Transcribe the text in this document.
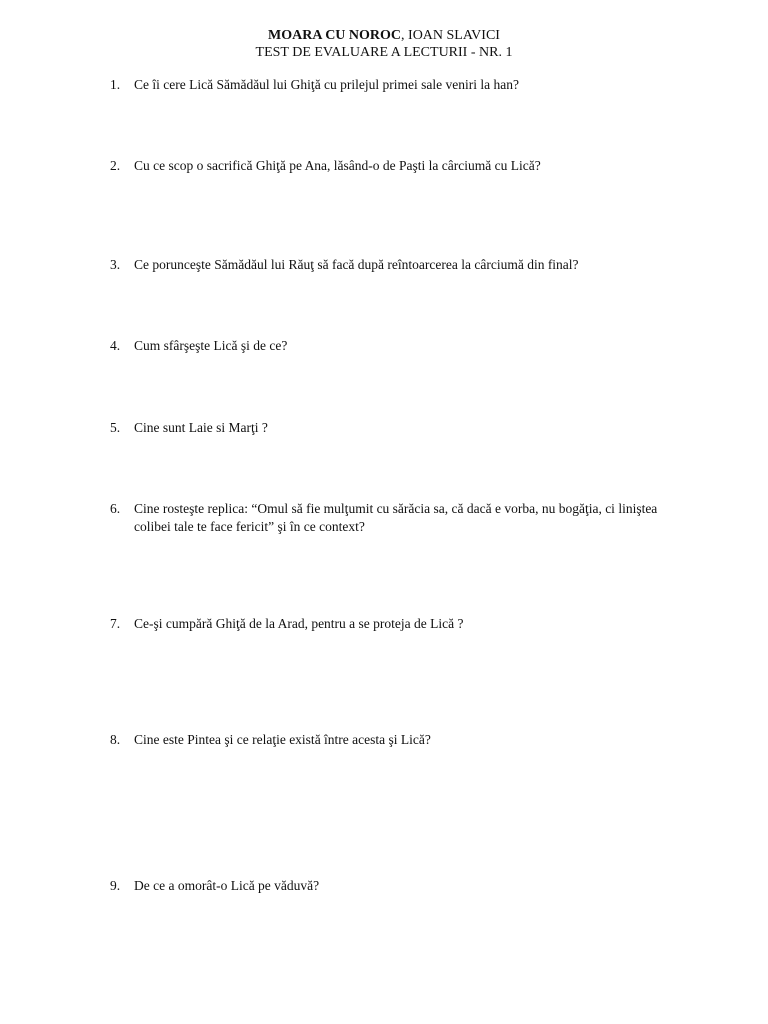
MOARA CU NOROC, IOAN SLAVICI
TEST DE EVALUARE A LECTURII - NR. 1
1.	Ce îi cere Lică Sămădăul lui Ghiţă cu prilejul primei sale veniri la han?
2.	Cu ce scop o sacrifică Ghiţă pe Ana, lăsând-o de Paşti la cârciumă cu Lică?
3.	Ce porunceşte Sămădăul lui Răuţ să facă după reîntoarcerea la cârciumă din final?
4.	Cum sfârşeşte Lică şi de ce?
5.	Cine sunt Laie si Marţi ?
6.	Cine rosteşte replica: “Omul să fie mulţumit cu sărăcia sa, că dacă e vorba, nu bogăţia, ci liniştea colibei tale te face fericit” şi în ce context?
7.	Ce-şi cumpără Ghiţă de la Arad, pentru a se proteja de Lică ?
8.	Cine este Pintea şi ce relaţie există între acesta şi Lică?
9.	De ce a omorât-o Lică pe văduvă?
